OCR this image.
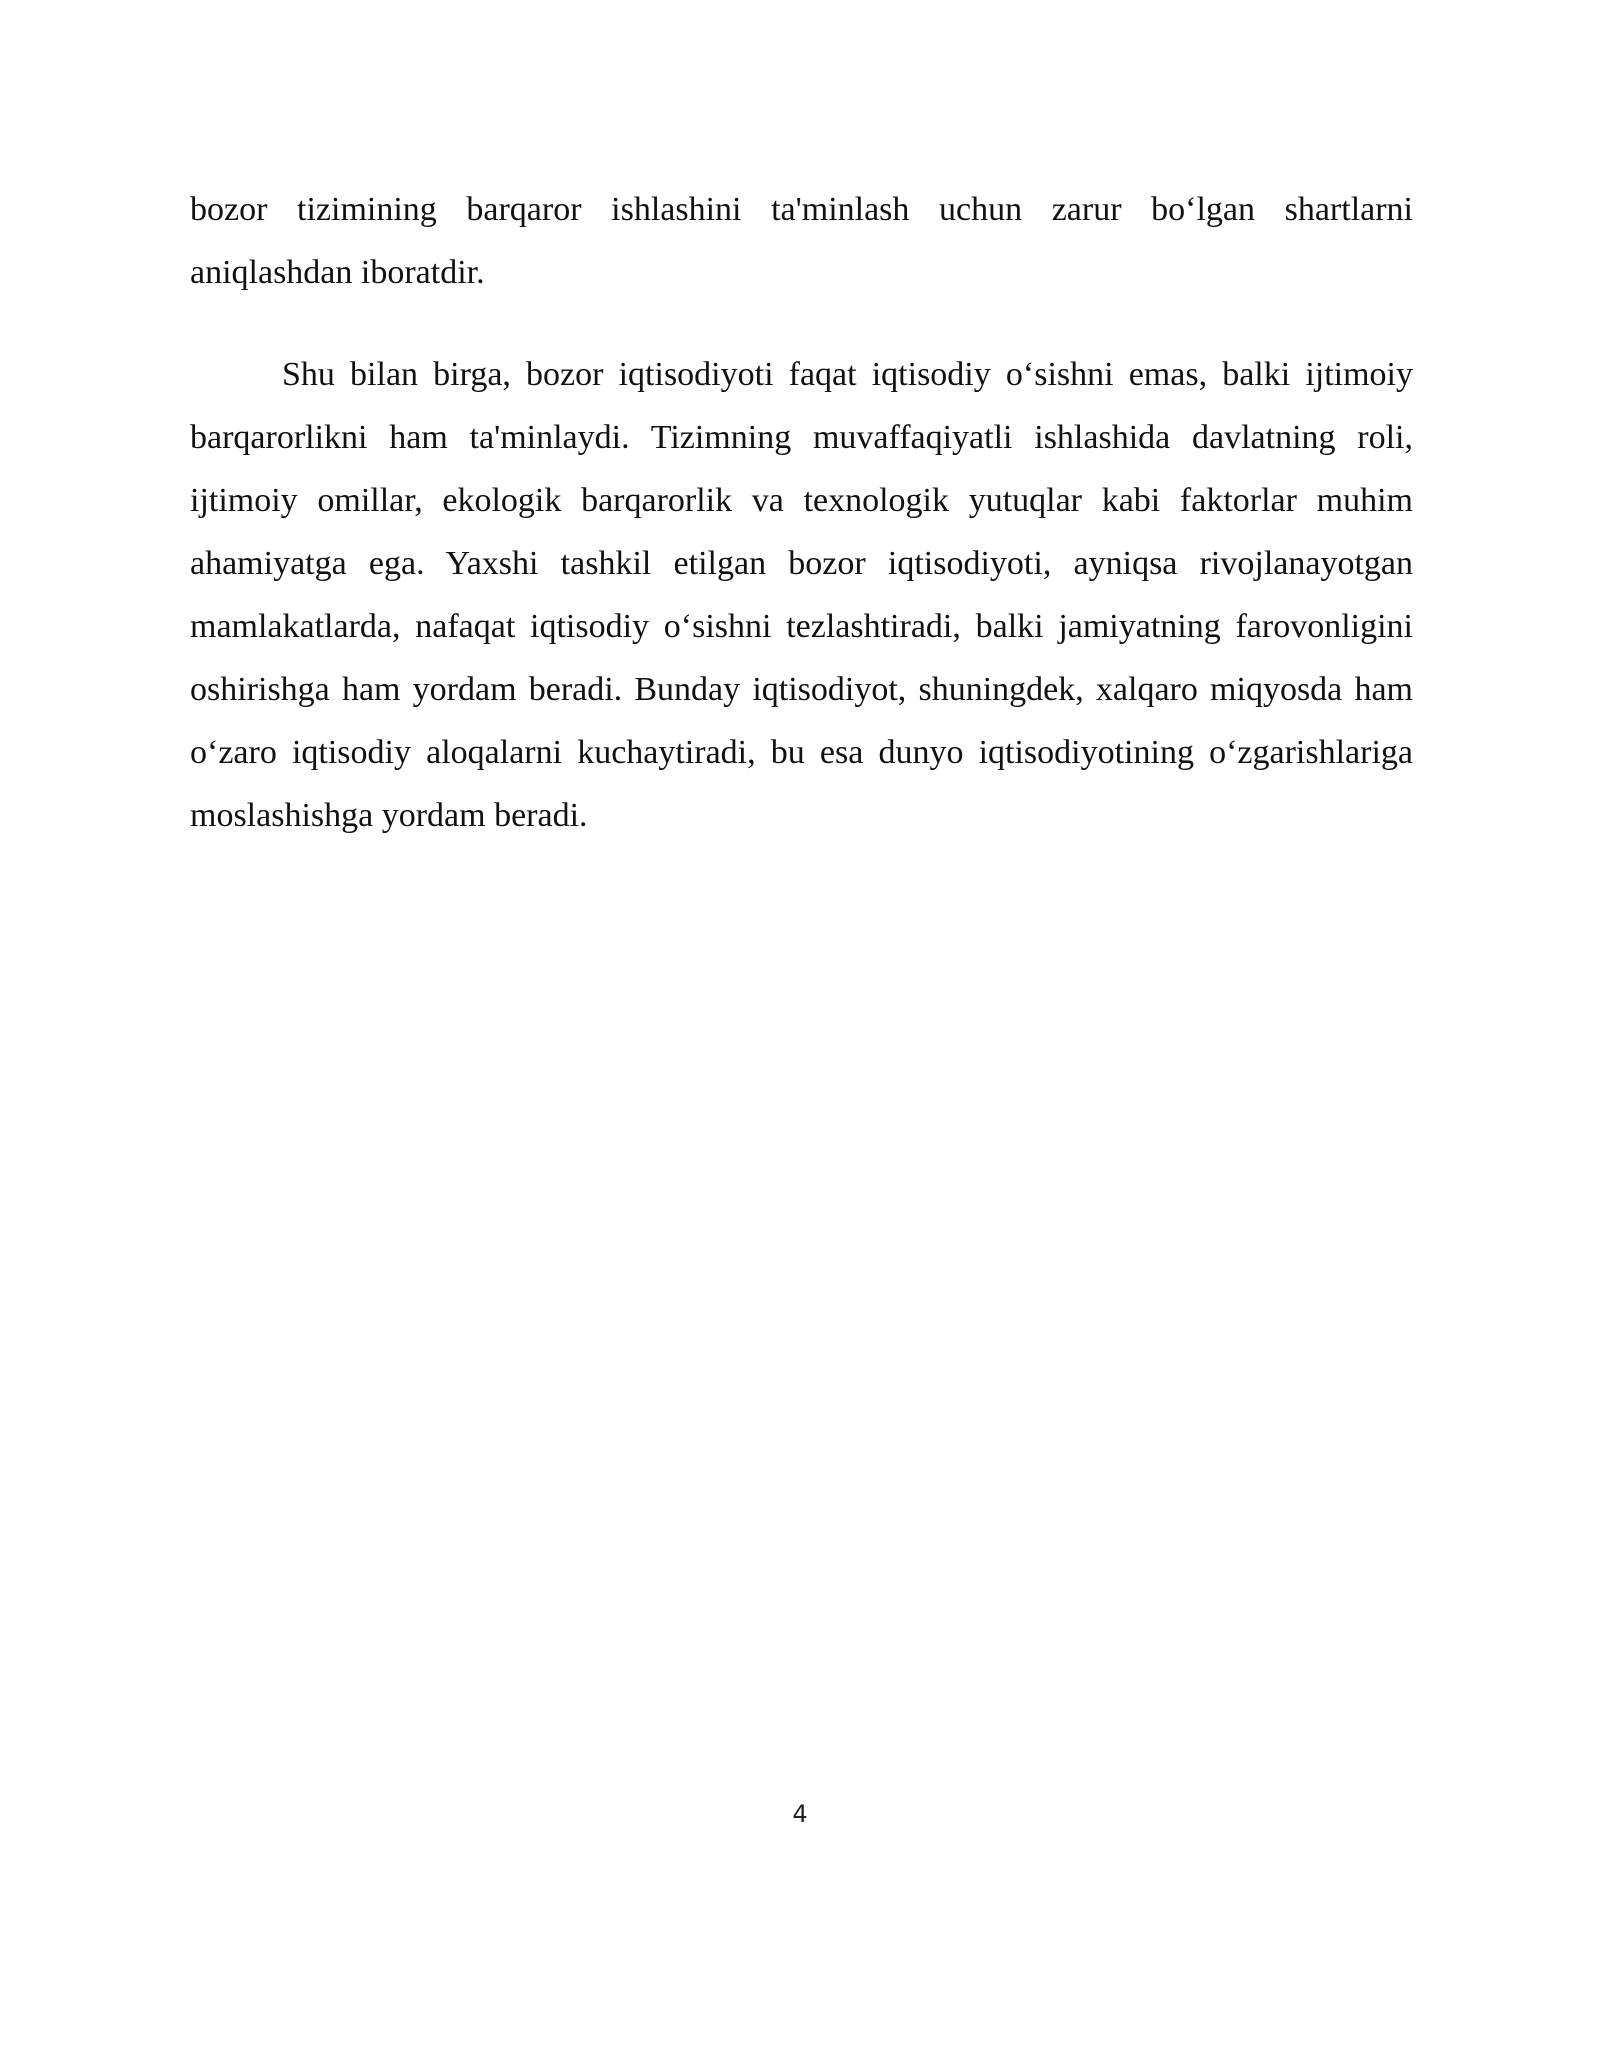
bozor tizimining barqaror ishlashini ta'minlash uchun zarur bo‘lgan shartlarni aniqlashdan iboratdir.

Shu bilan birga, bozor iqtisodiyoti faqat iqtisodiy o‘sishni emas, balki ijtimoiy barqarorlikni ham ta'minlaydi. Tizimning muvaffaqiyatli ishlashida davlatning roli, ijtimoiy omillar, ekologik barqarorlik va texnologik yutuqlar kabi faktorlar muhim ahamiyatga ega. Yaxshi tashkil etilgan bozor iqtisodiyoti, ayniqsa rivojlanayotgan mamlakatlarda, nafaqat iqtisodiy o‘sishni tezlashtiradi, balki jamiyatning farovonligini oshirishga ham yordam beradi. Bunday iqtisodiyot, shuningdek, xalqaro miqyosda ham o‘zaro iqtisodiy aloqalarni kuchaytiradi, bu esa dunyo iqtisodiyotining o‘zgarishlariga moslashishga yordam beradi.

4
